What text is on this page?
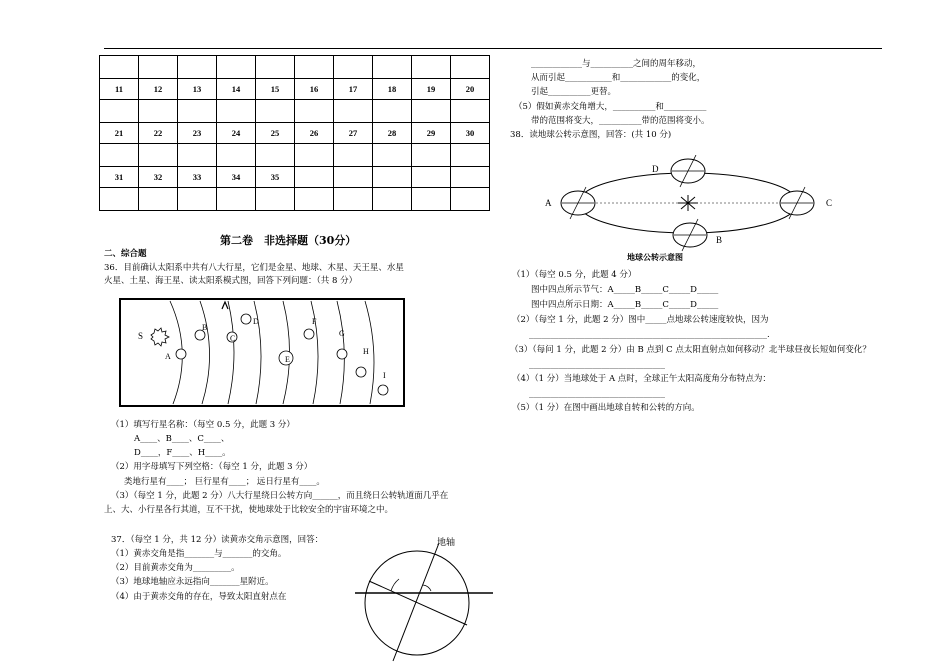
11	12	13	14	15	16	17	18	19	20

21	22	23	24	25	26	27	28	29	30

31	32	33	34	35					

第二卷　非选择题（30分）
二、综合题
36．目前确认太阳系中共有八大行星，它们是金星、地球、木星、天王星、水星
火星、土星、海王星、读太阳系模式图，回答下列问题：（共 8 分）
S
A
B
C
D
E
F
G
H
I
（1）填写行星名称：（每空 0.5 分，此题 3 分）
A____、B____、C____、
D____，F____、H____。
（2）用字母填写下列空格：（每空 1 分，此题 3 分）
类地行星有____； 巨行星有____； 远日行星有____。
（3）（每空 1 分，此题 2 分）八大行星绕日公转方向______，而且绕日公转轨道面几乎在
上、大、小行星各行其道，互不干扰，使地球处于比较安全的宇宙环境之中。
37．（每空 1 分，共 12 分）读黄赤交角示意图，回答：
（1）黄赤交角是指_______与_______的交角。
（2）目前黄赤交角为_________。
（3）地球地轴应永远指向_______星附近。
（4）由于黄赤交角的存在，导致太阳直射点在
地轴
____________与__________之间的周年移动，
从而引起___________和____________的变化，
引起__________更替。
（5）假如黄赤交角增大，__________和__________
带的范围将变大，__________带的范围将变小。
38．读地球公转示意图，回答：(共 10 分)
A
D
C
B
地球公转示意图
（1）（每空 0.5 分，此题 4 分）
图中四点所示节气：A_____B_____C_____D_____
图中四点所示日期：A_____B_____C_____D_____
（2）（每空 1 分，此题 2 分）图中_____点地球公转速度较快，因为
________________________________________________________.
（3）（每问 1 分，此题 2 分）由 B 点到 C 点太阳直射点如何移动？北半球昼夜长短如何变化？
________________________________
（4）（1 分）当地球处于 A 点时，全球正午太阳高度角分布特点为：
________________________________
（5）（1 分）在图中画出地球自转和公转的方向。
